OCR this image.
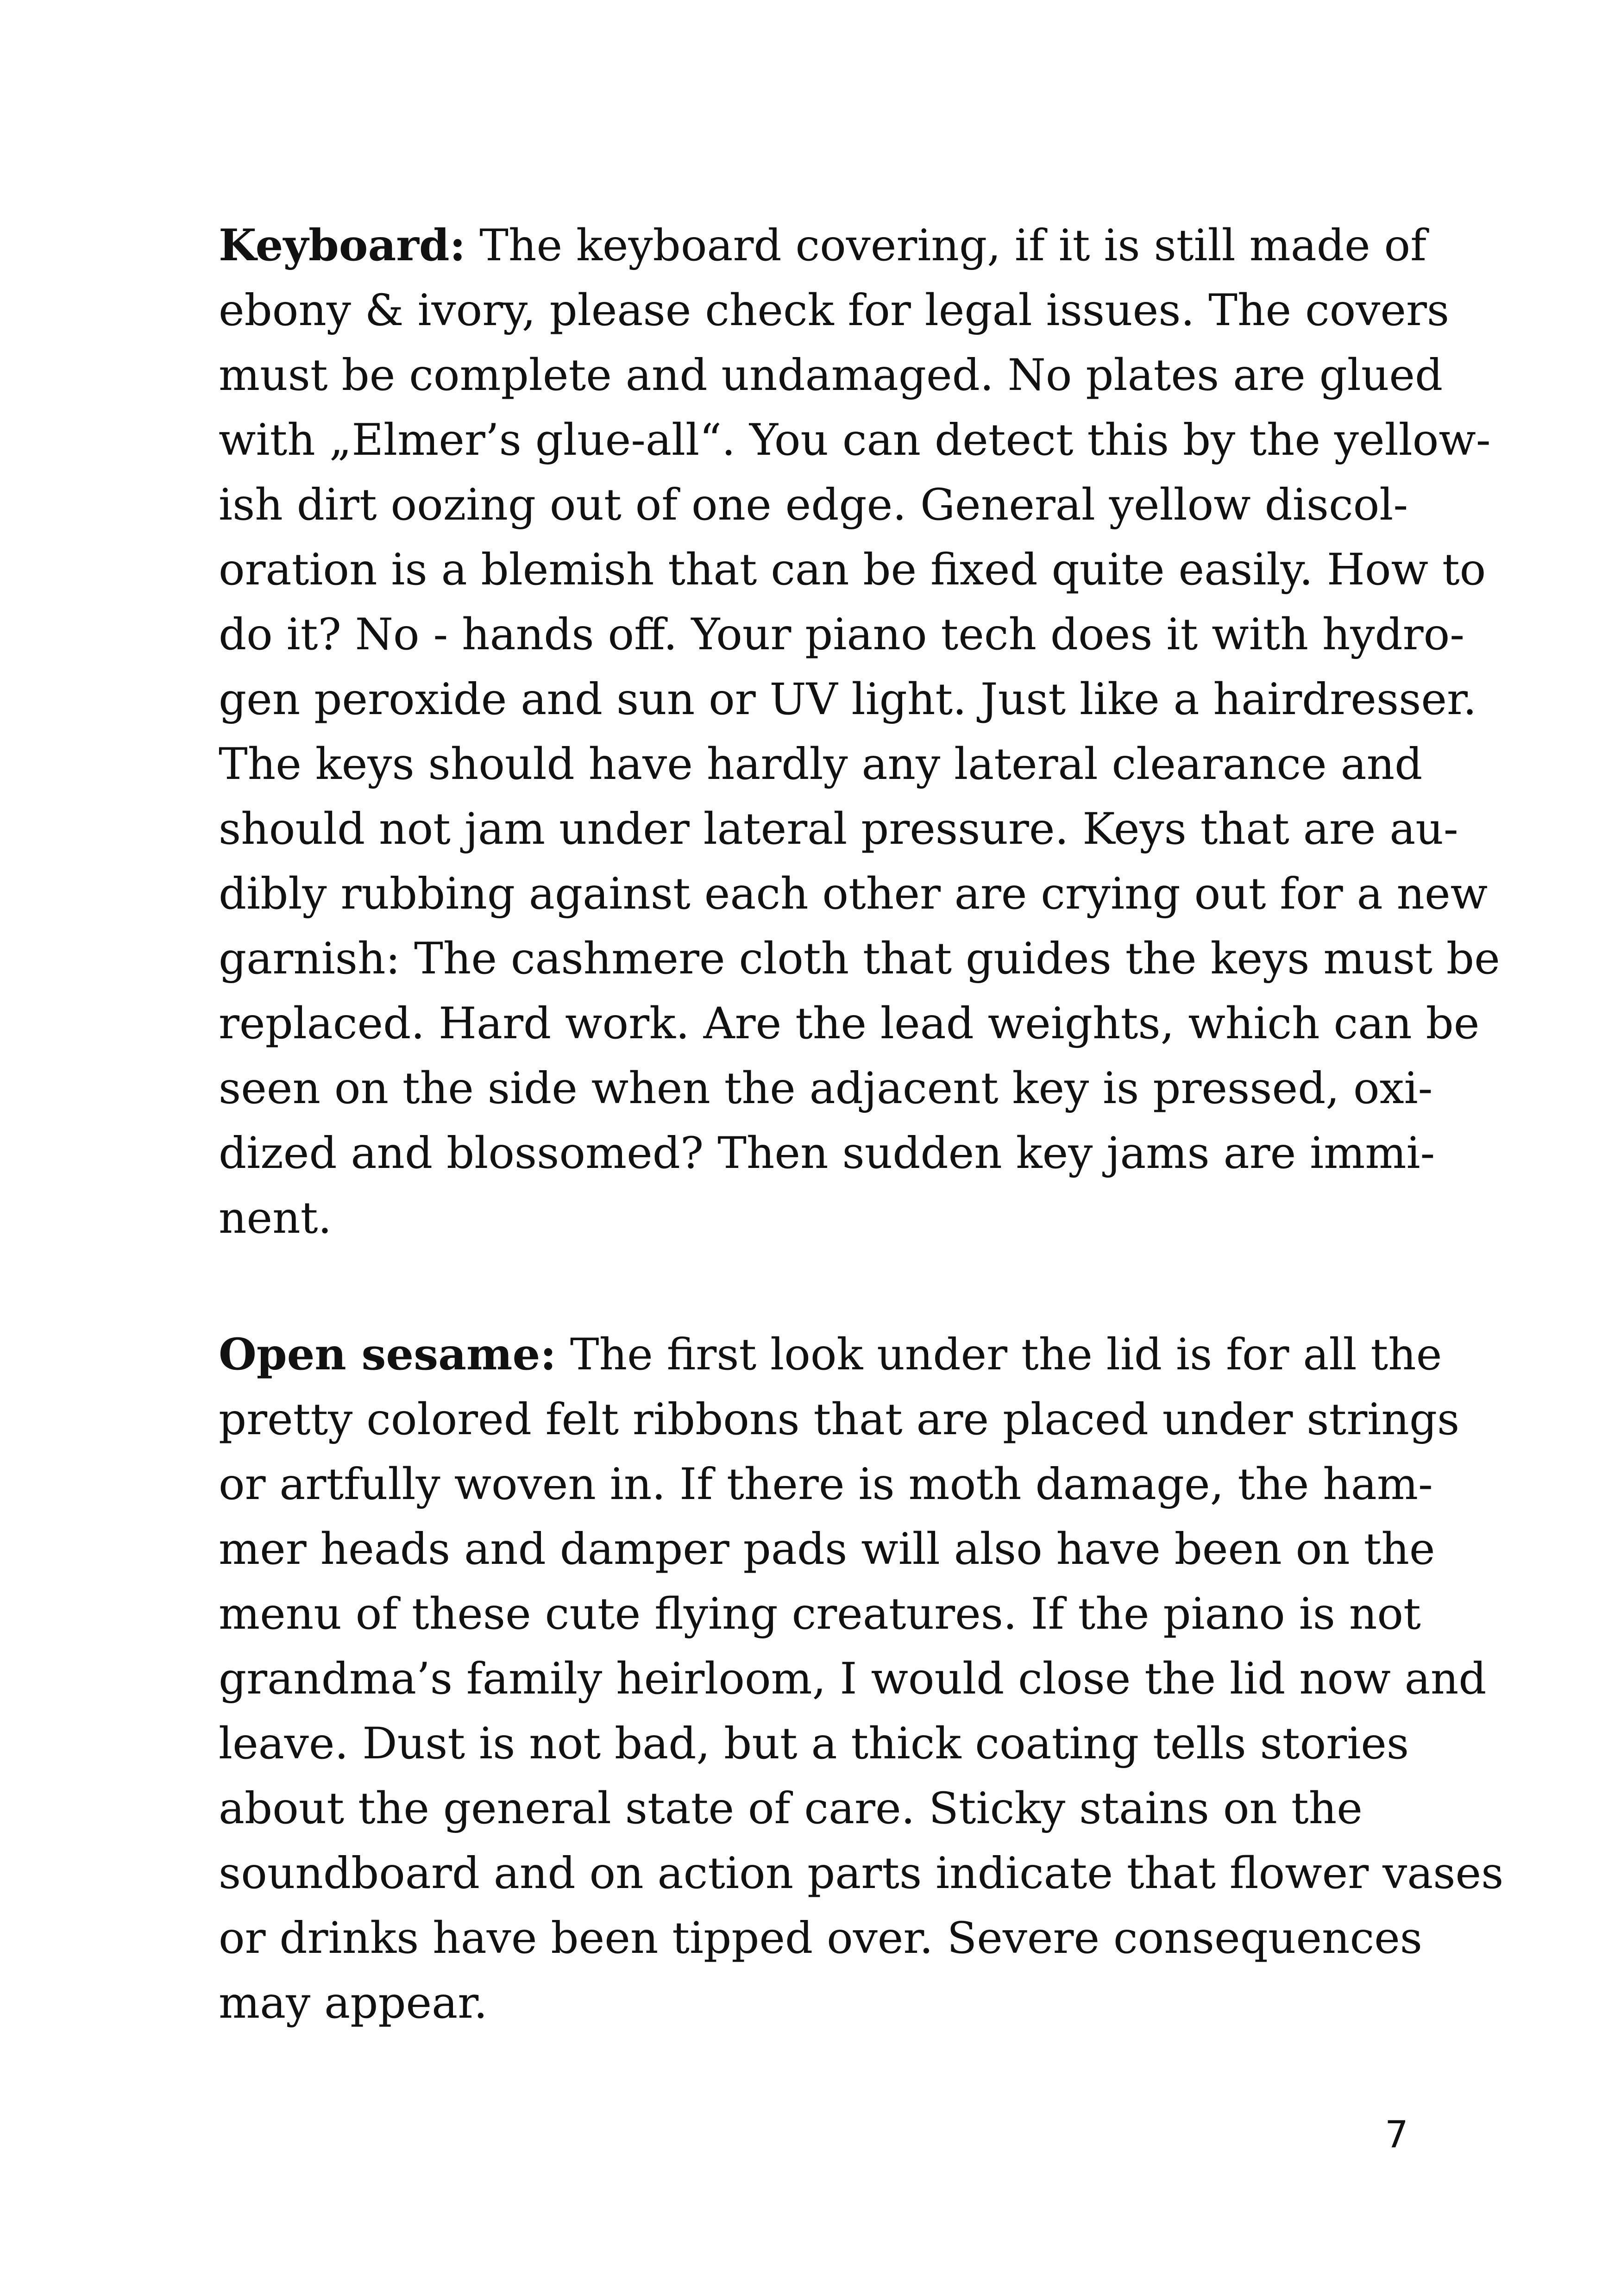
Keyboard: The keyboard covering, if it is still made of
ebony & ivory, please check for legal issues. The covers
must be complete and undamaged. No plates are glued
with „Elmer’s glue-all“. You can detect this by the yellow-
ish dirt oozing out of one edge. General yellow discol-
oration is a blemish that can be fixed quite easily. How to
do it? No - hands off. Your piano tech does it with hydro-
gen peroxide and sun or UV light. Just like a hairdresser.
The keys should have hardly any lateral clearance and
should not jam under lateral pressure. Keys that are au-
dibly rubbing against each other are crying out for a new
garnish: The cashmere cloth that guides the keys must be
replaced. Hard work. Are the lead weights, which can be
seen on the side when the adjacent key is pressed, oxi-
dized and blossomed? Then sudden key jams are immi-
nent.
Open sesame: The first look under the lid is for all the
pretty colored felt ribbons that are placed under strings
or artfully woven in. If there is moth damage, the ham-
mer heads and damper pads will also have been on the
menu of these cute flying creatures. If the piano is not
grandma’s family heirloom, I would close the lid now and
leave. Dust is not bad, but a thick coating tells stories
about the general state of care. Sticky stains on the
soundboard and on action parts indicate that flower vases
or drinks have been tipped over. Severe consequences
may appear.
7
